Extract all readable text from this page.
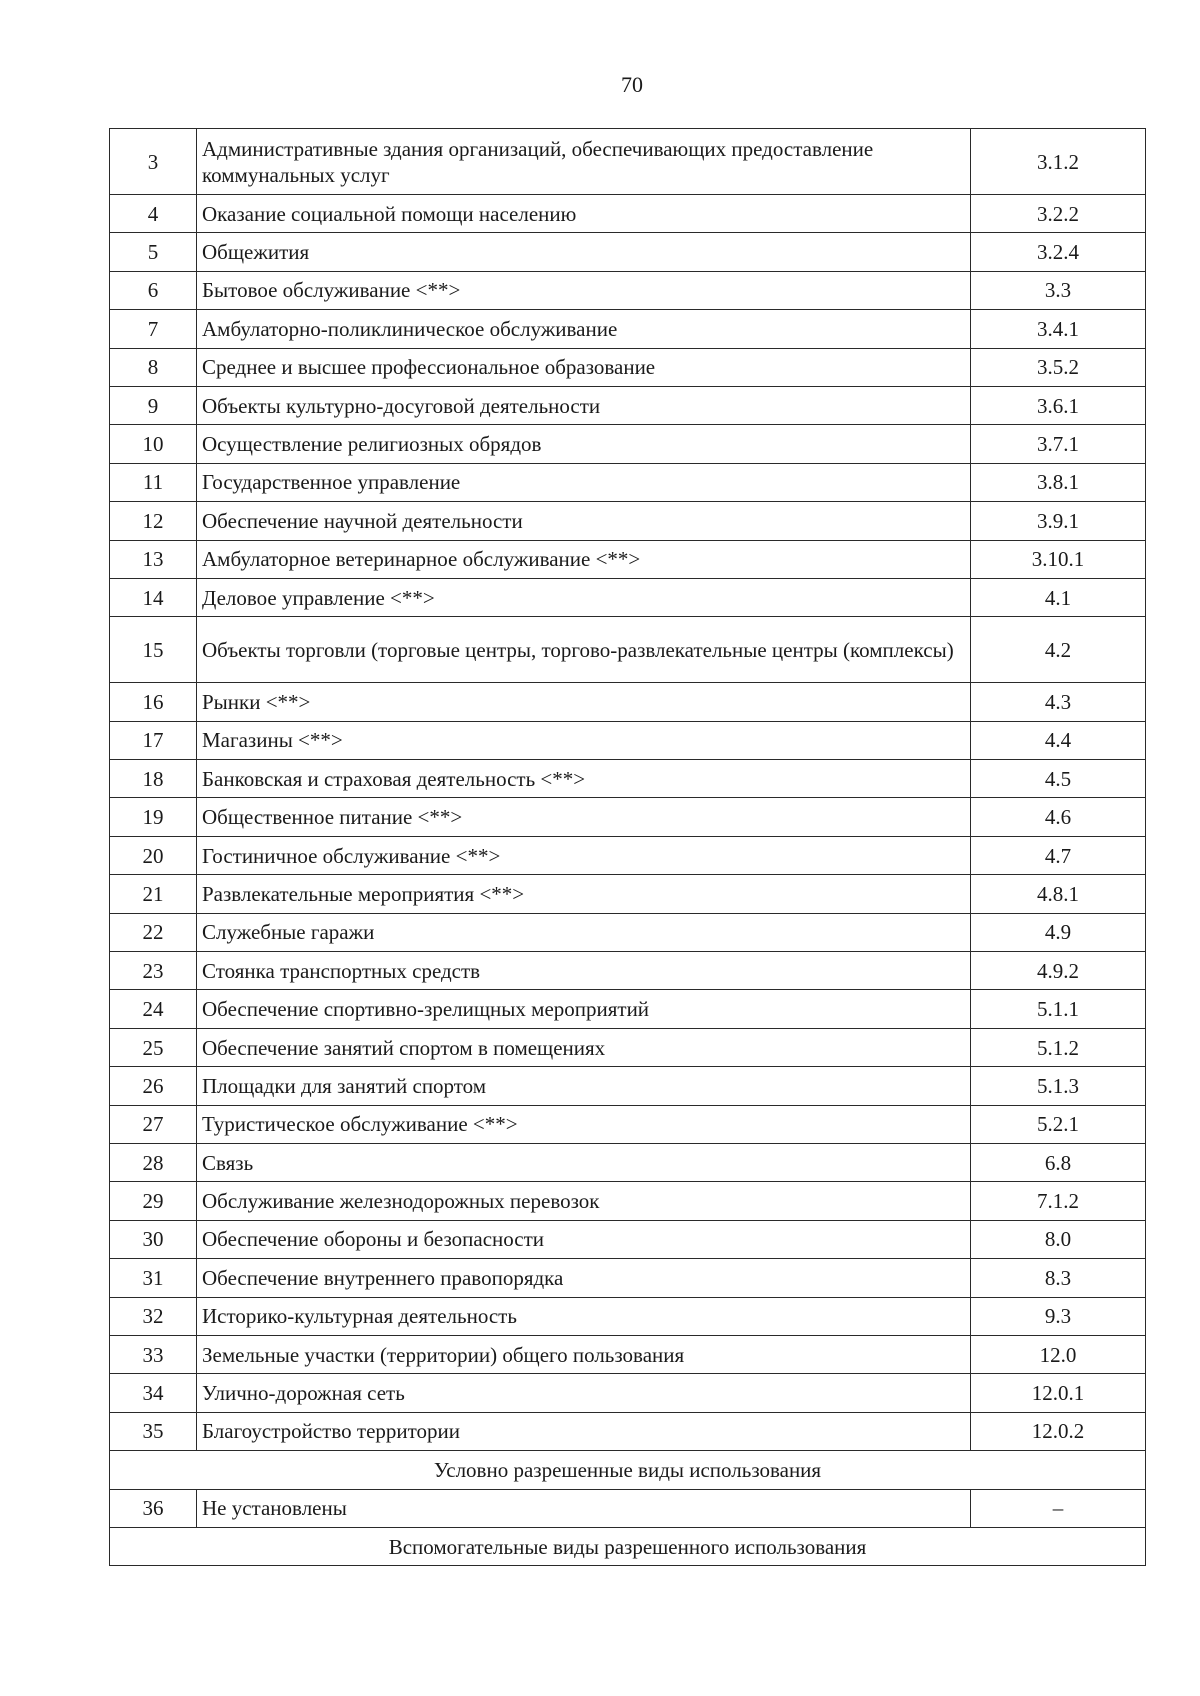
70
3	Административные здания организаций, обеспечивающих предоставление коммунальных услуг	3.1.2
4	Оказание социальной помощи населению	3.2.2
5	Общежития	3.2.4
6	Бытовое обслуживание <**>	3.3
7	Амбулаторно-поликлиническое обслуживание	3.4.1
8	Среднее и высшее профессиональное образование	3.5.2
9	Объекты культурно-досуговой деятельности	3.6.1
10	Осуществление религиозных обрядов	3.7.1
11	Государственное управление	3.8.1
12	Обеспечение научной деятельности	3.9.1
13	Амбулаторное ветеринарное обслуживание <**>	3.10.1
14	Деловое управление <**>	4.1
15	Объекты торговли (торговые центры, торгово-развлекательные центры (комплексы)	4.2
16	Рынки <**>	4.3
17	Магазины <**>	4.4
18	Банковская и страховая деятельность <**>	4.5
19	Общественное питание <**>	4.6
20	Гостиничное обслуживание <**>	4.7
21	Развлекательные мероприятия <**>	4.8.1
22	Служебные гаражи	4.9
23	Стоянка транспортных средств	4.9.2
24	Обеспечение спортивно-зрелищных мероприятий	5.1.1
25	Обеспечение занятий спортом в помещениях	5.1.2
26	Площадки для занятий спортом	5.1.3
27	Туристическое обслуживание <**>	5.2.1
28	Связь	6.8
29	Обслуживание железнодорожных перевозок	7.1.2
30	Обеспечение обороны и безопасности	8.0
31	Обеспечение внутреннего правопорядка	8.3
32	Историко-культурная деятельность	9.3
33	Земельные участки (территории) общего пользования	12.0
34	Улично-дорожная сеть	12.0.1
35	Благоустройство территории	12.0.2
Условно разрешенные виды использования		
36	Не установлены	–
Вспомогательные виды разрешенного использования		
